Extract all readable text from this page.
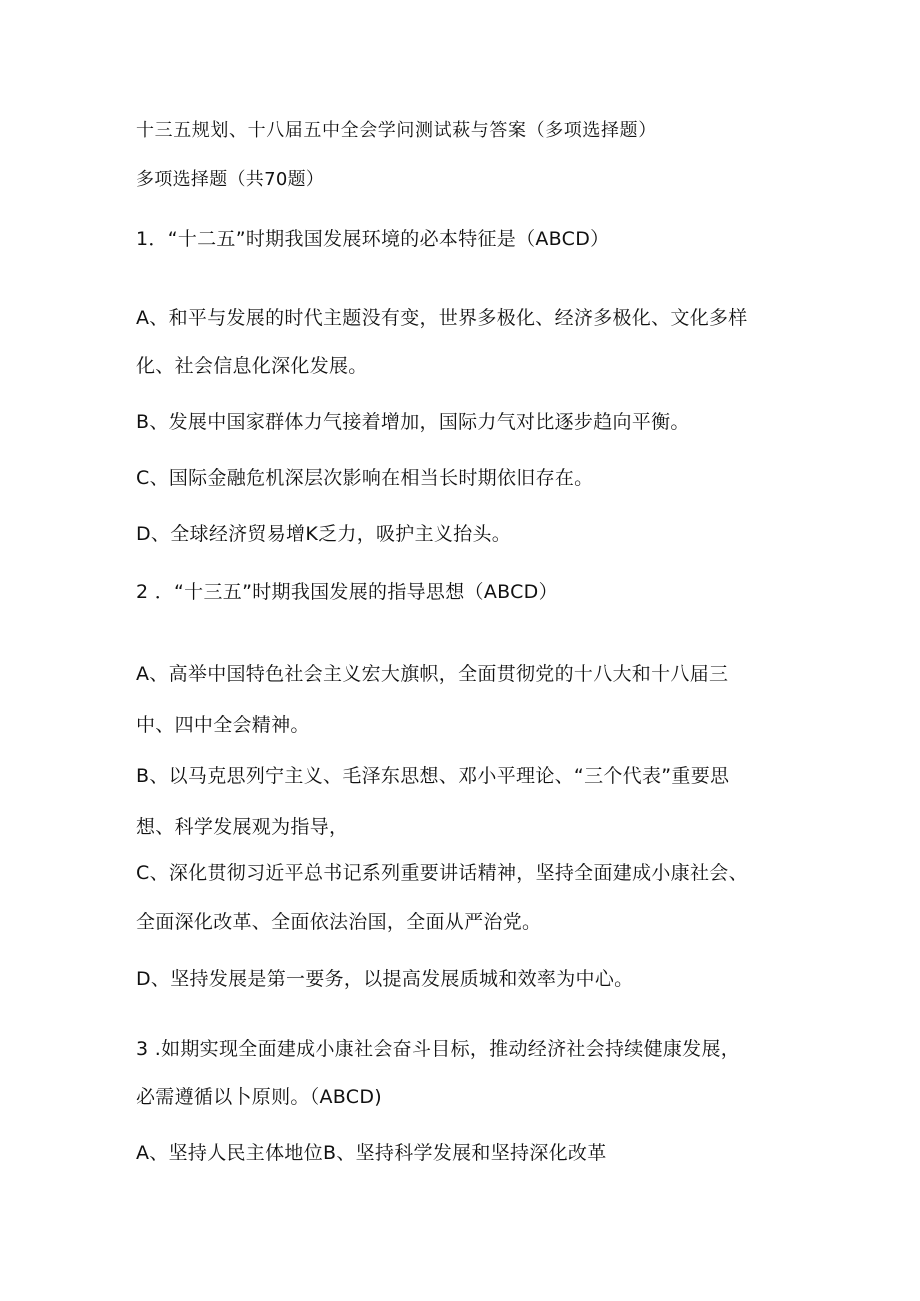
十三五规划、十八届五中全会学问测试萩与答案（多项选择题）
多项选择题（共70题）
1．“十二五”时期我国发展环境的必本特征是（ABCD）
A、和平与发展的时代主题没有变，世界多极化、经济多极化、文化多样
化、社会信息化深化发展。
B、发展中国家群体力气接着增加，国际力气对比逐步趋向平衡。
C、国际金融危机深层次影响在相当长时期依旧存在。
D、全球经济贸易增K乏力，吸护主义抬头。
2 ．“十三五”时期我国发展的指导思想（ABCD）
A、高举中国特色社会主义宏大旗帜，全面贯彻党的十八大和十八届三
中、四中全会精神。
B、以马克思列宁主义、毛泽东思想、邓小平理论、“三个代表”重要思
想、科学发展观为指导，
C、深化贯彻习近平总书记系列重要讲话精神，坚持全面建成小康社会、
全面深化改革、全面依法治国，全面从严治党。
D、坚持发展是第一要务，以提高发展质城和效率为中心。
3 .如期实现全面建成小康社会奋斗目标，推动经济社会持续健康发展，
必需遵循以卜原则。（ABCD)
A、坚持人民主体地位B、坚持科学发展和坚持深化改革
